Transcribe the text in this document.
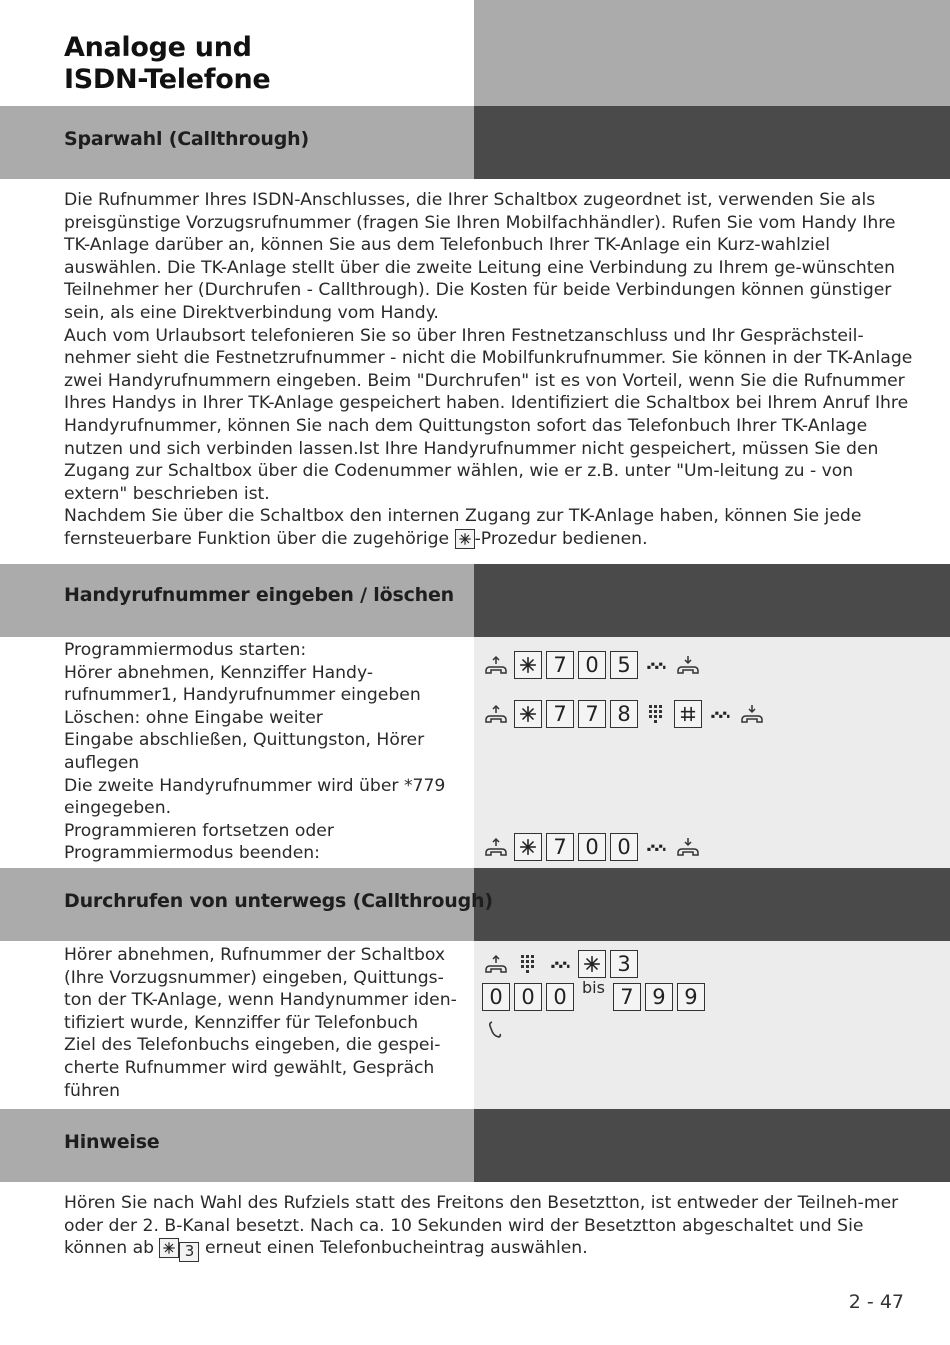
Analoge und
ISDN-Telefone
Sparwahl (Callthrough)

Die Rufnummer Ihres ISDN-Anschlusses, die Ihrer Schaltbox zugeordnet ist, verwenden Sie als preisgünstige Vorzugsrufnummer (fragen Sie Ihren Mobilfachhändler). Rufen Sie vom Handy Ihre TK-Anlage darüber an, können Sie aus dem Telefonbuch Ihrer TK-Anlage ein Kurz-wahlziel auswählen. Die TK-Anlage stellt über die zweite Leitung eine Verbindung zu Ihrem ge-wünschten Teilnehmer her (Durchrufen - Callthrough). Die Kosten für beide Verbindungen können günstiger sein, als eine Direktverbindung vom Handy.

Auch vom Urlaubsort telefonieren Sie so über Ihren Festnetzanschluss und Ihr Gesprächsteil-nehmer sieht die Festnetzrufnummer - nicht die Mobilfunkrufnummer. Sie können in der TK-Anlage zwei Handyrufnummern eingeben. Beim "Durchrufen" ist es von Vorteil, wenn Sie die Rufnummer Ihres Handys in Ihrer TK-Anlage gespeichert haben. Identifiziert die Schaltbox bei Ihrem Anruf Ihre Handyrufnummer, können Sie nach dem Quittungston sofort das Telefonbuch Ihrer TK-Anlage nutzen und sich verbinden lassen.Ist Ihre Handyrufnummer nicht gespeichert, müssen Sie den Zugang zur Schaltbox über die Codenummer wählen, wie er z.B. unter "Um-leitung zu - von extern" beschrieben ist.

Nachdem Sie über die Schaltbox den internen Zugang zur TK-Anlage haben, können Sie jede fernsteuerbare Funktion über die zugehörige
-Prozedur bedienen.

Handyrufnummer eingeben / löschen

Programmiermodus starten:

Hörer abnehmen, Kennziffer Handy-

rufnummer1, Handyrufnummer eingeben

Löschen: ohne Eingabe weiter

Eingabe abschließen, Quittungston, Hörer

auflegen

Die zweite Handyrufnummer wird über *779

eingegeben.

Programmieren fortsetzen oder

Programmiermodus beenden:

7 0 5
7 7 8
7 0 0
Durchrufen von unterwegs (Callthrough)

Hörer abnehmen, Rufnummer der Schaltbox

(Ihre Vorzugsnummer) eingeben, Quittungs-

ton der TK-Anlage, wenn Handynummer iden-

tifiziert wurde, Kennziffer für Telefonbuch

Ziel des Telefonbuchs eingeben, die gespei-

cherte Rufnummer wird gewählt, Gespräch

führen

3
0 0 0 bis 7 9 9
Hinweise

Hören Sie nach Wahl des Rufziels statt des Freitons den Besetztton, ist entweder der Teilneh-mer oder der 2. B-Kanal besetzt. Nach ca. 10 Sekunden wird der Besetztton abgeschaltet und Sie können ab
3 erneut einen Telefonbucheintrag auswählen.

2 - 47
